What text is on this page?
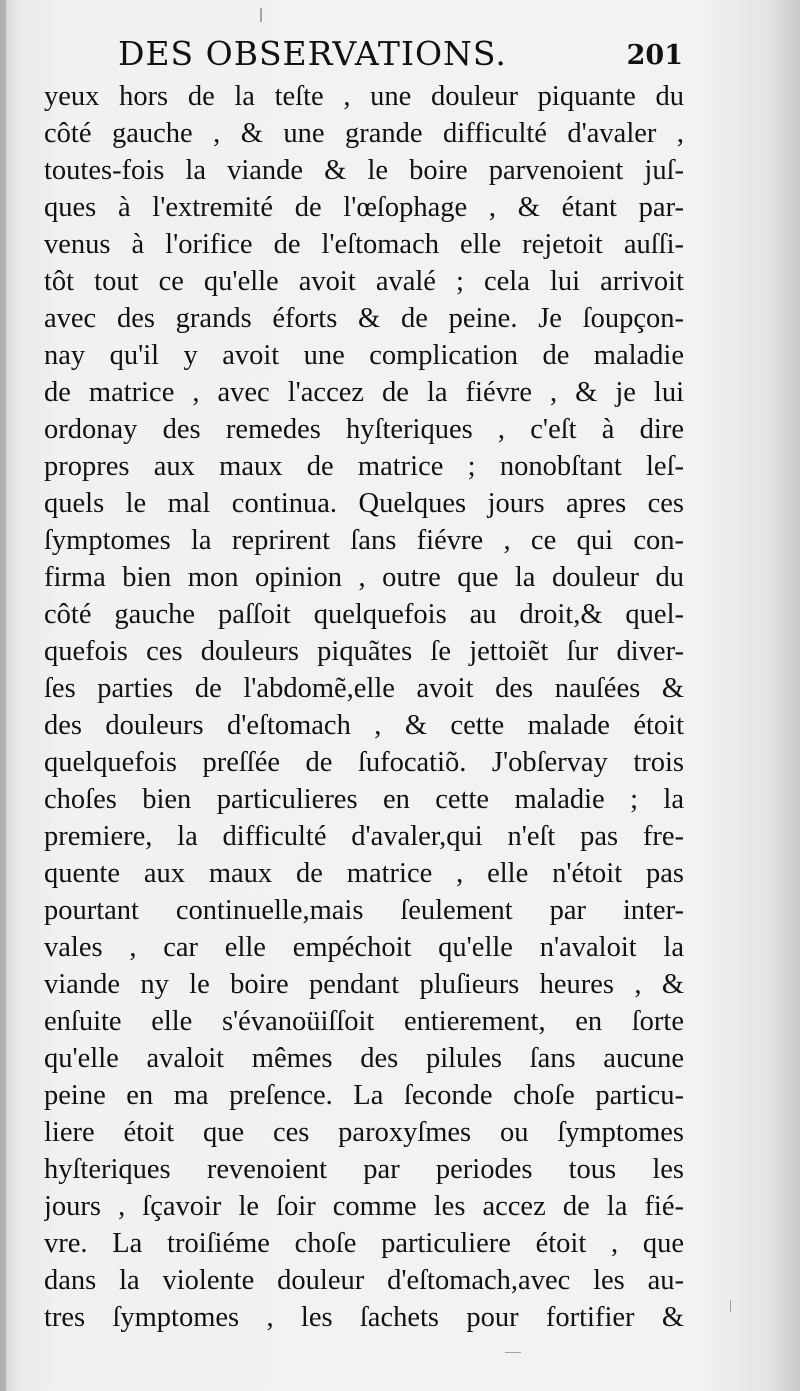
DES OBSERVATIONS.	201
yeux hors de la teſte , une douleur piquante du
côté gauche , & une grande difficulté d'avaler ,
toutes-fois la viande & le boire parvenoient juſ-
ques à l'extremité de l'œſophage , & étant par-
venus à l'orifice de l'eſtomach elle rejetoit auſſi-
tôt tout ce qu'elle avoit avalé ; cela lui arrivoit
avec des grands éforts & de peine. Je ſoupçon-
nay qu'il y avoit une complication de maladie
de matrice , avec l'accez de la fiévre , & je lui
ordonay des remedes hyſteriques , c'eſt à dire
propres aux maux de matrice ; nonobſtant leſ-
quels le mal continua. Quelques jours apres ces
ſymptomes la reprirent ſans fiévre , ce qui con-
firma bien mon opinion , outre que la douleur du
côté gauche paſſoit quelquefois au droit,& quel-
quefois ces douleurs piquãtes ſe jettoiẽt ſur diver-
ſes parties de l'abdomẽ,elle avoit des nauſées &
des douleurs d'eſtomach , & cette malade étoit
quelquefois preſſée de ſufocatiõ. J'obſervay trois
choſes bien particulieres en cette maladie ; la
premiere, la difficulté d'avaler,qui n'eſt pas fre-
quente aux maux de matrice , elle n'étoit pas
pourtant continuelle,mais ſeulement par inter-
vales , car elle empéchoit qu'elle n'avaloit la
viande ny le boire pendant pluſieurs heures , &
enſuite elle s'évanoüiſſoit entierement, en ſorte
qu'elle avaloit mêmes des pilules ſans aucune
peine en ma preſence. La ſeconde choſe particu-
liere étoit que ces paroxyſmes ou ſymptomes
hyſteriques revenoient par periodes tous les
jours , ſçavoir le ſoir comme les accez de la fié-
vre. La troiſiéme choſe particuliere étoit , que
dans la violente douleur d'eſtomach,avec les au-
tres ſymptomes , les ſachets pour fortifier &
